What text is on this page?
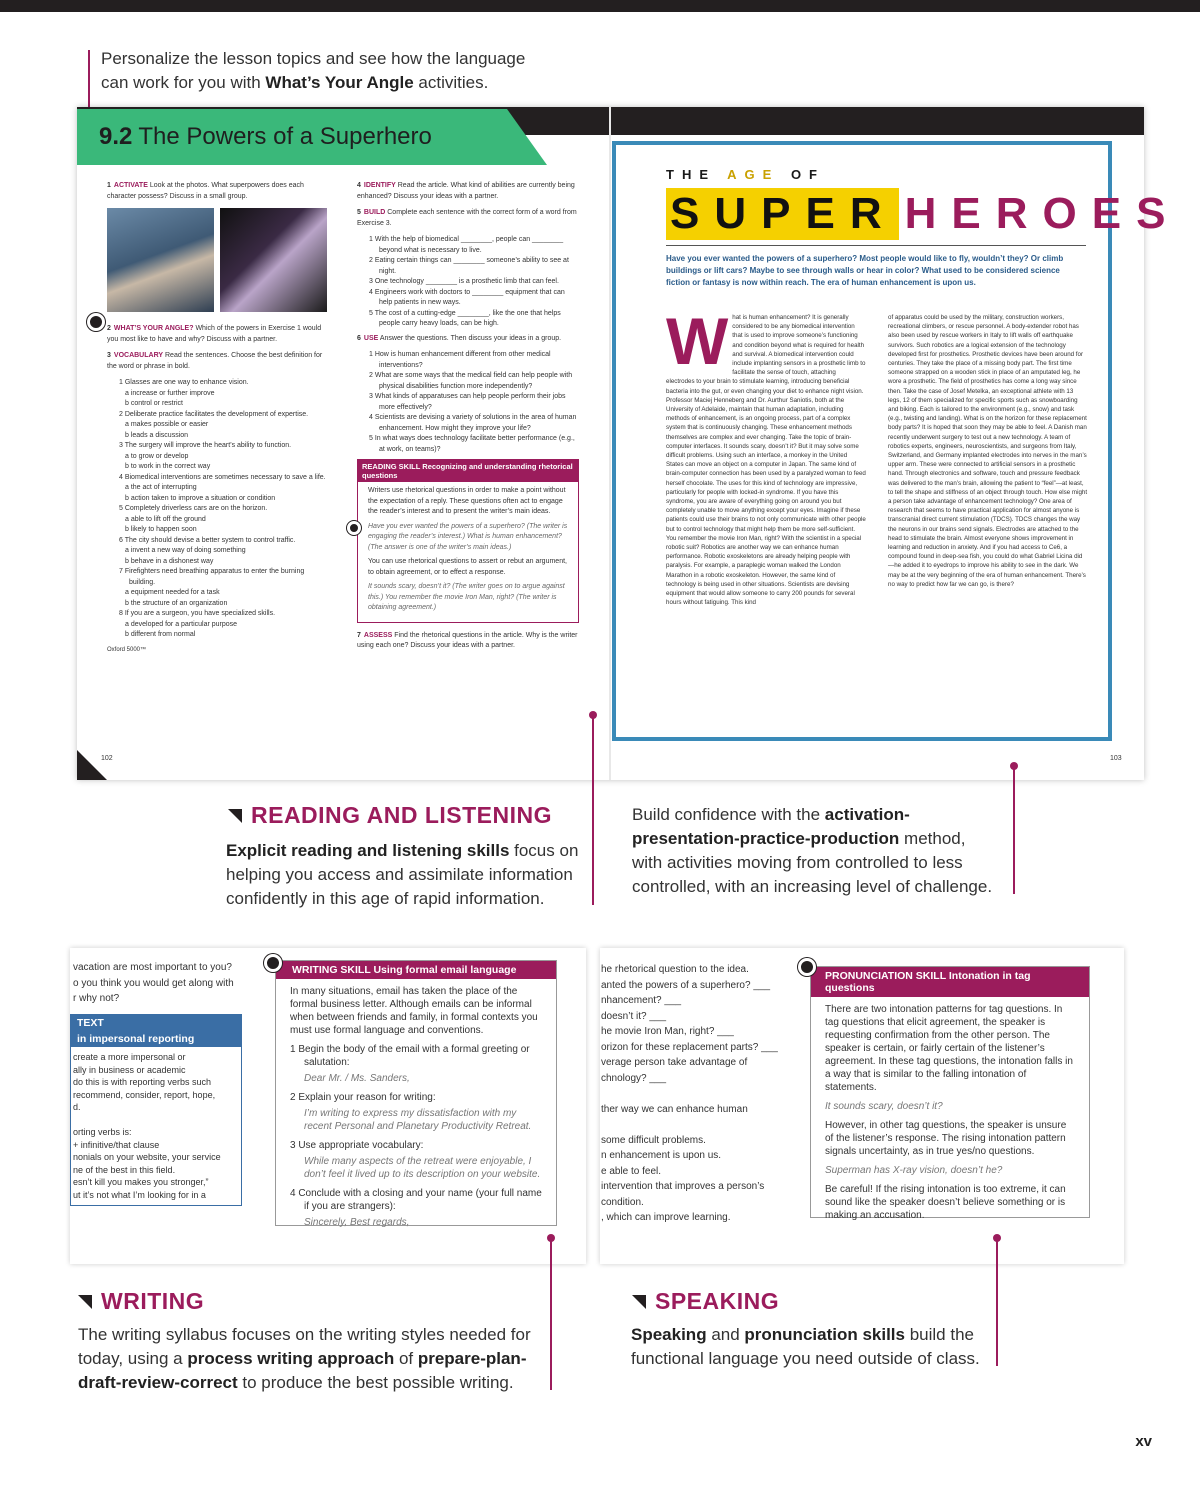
Personalize the lesson topics and see how the language
can work for you with What’s Your Angle activities.
9.2 The Powers of a Superhero
1 ACTIVATE Look at the photos. What superpowers does each character possess? Discuss in a small group.
2 WHAT’S YOUR ANGLE? Which of the powers in Exercise 1 would you most like to have and why? Discuss with a partner.
3 VOCABULARY Read the sentences. Choose the best definition for the word or phrase in bold.
1 Glasses are one way to enhance vision.
a increase or further improve
b control or restrict
2 Deliberate practice facilitates the development of expertise.
a makes possible or easier
b leads a discussion
3 The surgery will improve the heart’s ability to function.
a to grow or develop
b to work in the correct way
4 Biomedical interventions are sometimes necessary to save a life.
a the act of interrupting
b action taken to improve a situation or condition
5 Completely driverless cars are on the horizon.
a able to lift off the ground
b likely to happen soon
6 The city should devise a better system to control traffic.
a invent a new way of doing something
b behave in a dishonest way
7 Firefighters need breathing apparatus to enter the burning building.
a equipment needed for a task
b the structure of an organization
8 If you are a surgeon, you have specialized skills.
a developed for a particular purpose
b different from normal
Oxford 5000™
4 IDENTIFY Read the article. What kind of abilities are currently being enhanced? Discuss your ideas with a partner.
5 BUILD Complete each sentence with the correct form of a word from Exercise 3.
1 With the help of biomedical ________, people can ________ beyond what is necessary to live.
2 Eating certain things can ________ someone’s ability to see at night.
3 One technology ________ is a prosthetic limb that can feel.
4 Engineers work with doctors to ________ equipment that can help patients in new ways.
5 The cost of a cutting-edge ________, like the one that helps people carry heavy loads, can be high.
6 USE Answer the questions. Then discuss your ideas in a group.
1 How is human enhancement different from other medical interventions?
2 What are some ways that the medical field can help people with physical disabilities function more independently?
3 What kinds of apparatuses can help people perform their jobs more effectively?
4 Scientists are devising a variety of solutions in the area of human enhancement. How might they improve your life?
5 In what ways does technology facilitate better performance (e.g., at work, on teams)?
READING SKILL Recognizing and understanding rhetorical questions

Writers use rhetorical questions in order to make a point without the expectation of a reply. These questions often act to engage the reader’s interest and to present the writer’s main ideas.

Have you ever wanted the powers of a superhero? (The writer is engaging the reader’s interest.) What is human enhancement? (The answer is one of the writer’s main ideas.)

You can use rhetorical questions to assert or rebut an argument, to obtain agreement, or to effect a response.

It sounds scary, doesn’t it? (The writer goes on to argue against this.) You remember the movie Iron Man, right? (The writer is obtaining agreement.)

7 ASSESS Find the rhetorical questions in the article. Why is the writer using each one? Discuss your ideas with a partner.
102	103
THE AGE OF
SUPER HEROES
Have you ever wanted the powers of a superhero? Most people would like to fly, wouldn’t they? Or climb buildings or lift cars? Maybe to see through walls or hear in color? What used to be considered science fiction or fantasy is now within reach. The era of human enhancement is upon us.
What is human enhancement? It is generally considered to be any biomedical intervention that is used to improve someone’s functioning and condition beyond what is required for health and survival. A biomedical intervention could include implanting sensors in a prosthetic limb to facilitate the sense of touch, attaching electrodes to your brain to stimulate learning, introducing beneficial bacteria into the gut, or even changing your diet to enhance night vision. Professor Maciej Henneberg and Dr. Aurthur Saniotis, both at the University of Adelaide, maintain that human adaptation, including methods of enhancement, is an ongoing process, part of a complex system that is continuously changing. These enhancement methods themselves are complex and ever changing. Take the topic of brain-computer interfaces. It sounds scary, doesn’t it? But it may solve some difficult problems. Using such an interface, a monkey in the United States can move an object on a computer in Japan. The same kind of brain-computer connection has been used by a paralyzed woman to feed herself chocolate. The uses for this kind of technology are impressive, particularly for people with locked-in syndrome. If you have this syndrome, you are aware of everything going on around you but completely unable to move anything except your eyes. Imagine if these patients could use their brains to not only communicate with other people but to control technology that might help them be more self-sufficient. You remember the movie Iron Man, right? With the scientist in a special robotic suit? Robotics are another way we can enhance human performance. Robotic exoskeletons are already helping people with paralysis. For example, a paraplegic woman walked the London Marathon in a robotic exoskeleton. However, the same kind of technology is being used in other situations. Scientists are devising equipment that would allow someone to carry 200 pounds for several hours without fatiguing. This kind
of apparatus could be used by the military, construction workers, recreational climbers, or rescue personnel. A body-extender robot has also been used by rescue workers in Italy to lift walls off earthquake survivors. Such robotics are a logical extension of the technology developed first for prosthetics. Prosthetic devices have been around for centuries. They take the place of a missing body part. The first time someone strapped on a wooden stick in place of an amputated leg, he wore a prosthetic. The field of prosthetics has come a long way since then. Take the case of Josef Metelka, an exceptional athlete with 13 legs, 12 of them specialized for specific sports such as snowboarding and biking. Each is tailored to the environment (e.g., snow) and task (e.g., twisting and landing). What is on the horizon for these replacement body parts? It is hoped that soon they may be able to feel. A Danish man recently underwent surgery to test out a new technology. A team of robotics experts, engineers, neuroscientists, and surgeons from Italy, Switzerland, and Germany implanted electrodes into nerves in the man’s upper arm. These were connected to artificial sensors in a prosthetic hand. Through electronics and software, touch and pressure feedback was delivered to the man’s brain, allowing the patient to “feel”—at least, to tell the shape and stiffness of an object through touch. How else might a person take advantage of enhancement technology? One area of research that seems to have practical application for almost anyone is transcranial direct current stimulation (TDCS). TDCS changes the way the neurons in our brains send signals. Electrodes are attached to the head to stimulate the brain. Almost everyone shows improvement in learning and reduction in anxiety. And if you had access to Ce6, a compound found in deep-sea fish, you could do what Gabriel Licina did—he added it to eyedrops to improve his ability to see in the dark. We may be at the very beginning of the era of human enhancement. There’s no way to predict how far we can go, is there?
READING AND LISTENING
Explicit reading and listening skills focus on
helping you access and assimilate information
confidently in this age of rapid information.
Build confidence with the activation-
presentation-practice-production method,
with activities moving from controlled to less
controlled, with an increasing level of challenge.
vacation are most important to you?
o you think you would get along with
r why not?
TEXT
in impersonal reporting
create a more impersonal or
ally in business or academic
do this is with reporting verbs such
recommend, consider, report, hope,
d.

orting verbs is:
+ infinitive/that clause
nonials on your website, your service
ne of the best in this field.
esn’t kill you makes you stronger,”
ut it’s not what I’m looking for in a
WRITING SKILL Using formal email language

In many situations, email has taken the place of the formal business letter. Although emails can be informal when between friends and family, in formal contexts you must use formal language and conventions.

1 Begin the body of the email with a formal greeting or salutation:
Dear Mr. / Ms. Sanders,
2 Explain your reason for writing:
I’m writing to express my dissatisfaction with my recent Personal and Planetary Productivity Retreat.
3 Use appropriate vocabulary:
While many aspects of the retreat were enjoyable, I don’t feel it lived up to its description on your website.
4 Conclude with a closing and your name (your full name if you are strangers):
Sincerely, Best regards,
he rhetorical question to the idea.
anted the powers of a superhero? ___
nhancement? ___
doesn’t it? ___
he movie Iron Man, right? ___
orizon for these replacement parts? ___
verage person take advantage of
chnology? ___

ther way we can enhance human

some difficult problems.
n enhancement is upon us.
e able to feel.
intervention that improves a person’s
condition.
, which can improve learning.
PRONUNCIATION SKILL Intonation in tag questions

There are two intonation patterns for tag questions. In tag questions that elicit agreement, the speaker is requesting confirmation from the other person. The speaker is certain, or fairly certain of the listener’s agreement. In these tag questions, the intonation falls in a way that is similar to the falling intonation of statements.

It sounds scary, doesn’t it?

However, in other tag questions, the speaker is unsure of the listener’s response. The rising intonation pattern signals uncertainty, as in true yes/no questions.

Superman has X-ray vision, doesn’t he?

Be careful! If the rising intonation is too extreme, it can sound like the speaker doesn’t believe something or is making an accusation.

WRITING
The writing syllabus focuses on the writing styles needed for
today, using a process writing approach of prepare-plan-
draft-review-correct to produce the best possible writing.
SPEAKING
Speaking and pronunciation skills build the
functional language you need outside of class.
xv
